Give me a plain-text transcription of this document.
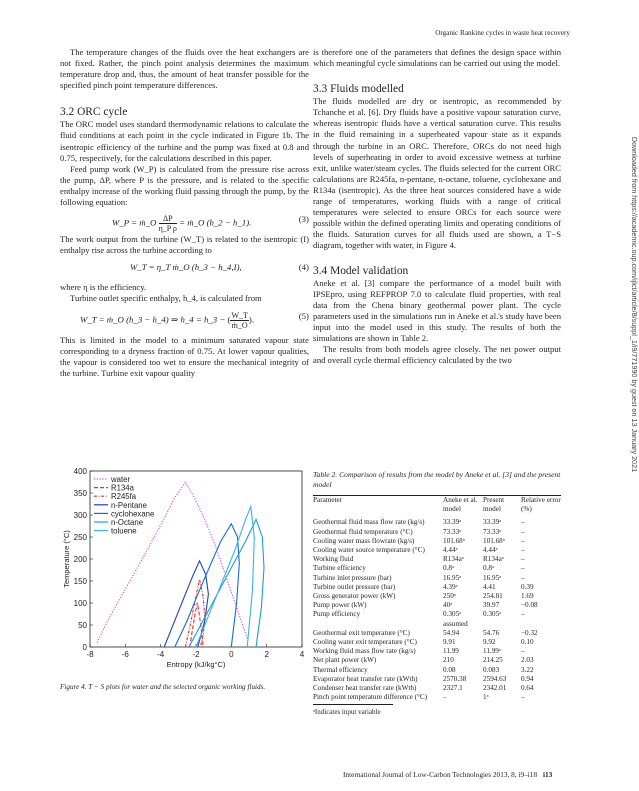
Organic Rankine cycles in waste heat recovery

The temperature changes of the fluids over the heat exchangers are not fixed. Rather, the pinch point analysis determines the maximum temperature drop and, thus, the amount of heat transfer possible for the specified pinch point temperature differences.

3.2 ORC cycle

The ORC model uses standard thermodynamic relations to calculate the fluid conditions at each point in the cycle indicated in Figure 1b. The isentropic efficiency of the turbine and the pump was fixed at 0.8 and 0.75, respectively, for the calculations described in this paper.

Feed pump work (W_P) is calculated from the pressure rise across the pump, ΔP, where P is the pressure, and is related to the specific enthalpy increase of the working fluid passing through the pump, by the following equation:

W_P = ṁ_O $\frac{\Delta P}{\text{η\_P ρ}}$ = ṁ_O (h_2 − h_1).	(3)

The work output from the turbine (W_T) is related to the isentropic (I) enthalpy rise across the turbine according to

W_T = η_T ṁ_O (h_3 − h_4,I),	(4)

where η is the efficiency.

Turbine outlet specific enthalpy, h_4, is calculated from

W_T = ṁ_O (h_3 − h_4) ⇒ h_4 = h_3 − ( $\frac{W\_T}{\text{ṁ\_O}}$ ).	(5)

This is limited in the model to a minimum saturated vapour state corresponding to a dryness fraction of 0.75. At lower vapour qualities, the vapour is considered too wet to ensure the mechanical integrity of the turbine. Turbine exit vapour quality

0
50
100
150
200
250
300
350
400
-8	-6	-4	-2	0	2	4
Entropy (kJ/kg°C)
Temperature (°C)
water
R134a
R245fa
n-Pentane
cyclohexane
n-Octane
toluene
Figure 4. T − S plots for water and the selected organic working fluids.

is therefore one of the parameters that defines the design space within which meaningful cycle simulations can be carried out using the model.

3.3 Fluids modelled

The fluids modelled are dry or isentropic, as recommended by Tchanche et al. [6]. Dry fluids have a positive vapour saturation curve, whereas isentropic fluids have a vertical saturation curve. This results in the fluid remaining in a superheated vapour state as it expands through the turbine in an ORC. Therefore, ORCs do not need high levels of superheating in order to avoid excessive wetness at turbine exit, unlike water/steam cycles. The fluids selected for the current ORC calculations are R245fa, n-pentane, n-octane, toluene, cyclohexane and R134a (isentropic). As the three heat sources considered have a wide range of temperatures, working fluids with a range of critical temperatures were selected to ensure ORCs for each source were possible within the defined operating limits and operating conditions of the fluids. Saturation curves for all fluids used are shown, a T−S diagram, together with water, in Figure 4.

3.4 Model validation

Aneke et al. [3] compare the performance of a model built with IPSEpro, using REFPROP 7.0 to calculate fluid properties, with real data from the Chena binary geothermal power plant. The cycle parameters used in the simulations run in Aneke et al.'s study have been input into the model used in this study. The results of both the simulations are shown in Table 2.

The results from both models agree closely. The net power output and overall cycle thermal efficiency calculated by the two

Table 2. Comparison of results from the model by Aneke et al. [3] and the present model
Parameter	Aneke et al. model	Present model	Relative error (%)
Geothermal fluid mass flow rate (kg/s)	33.39ᵃ	33.39ᵃ	–
Geothermal fluid temperature (°C)	73.33ᵃ	73.33ᵃ	–
Cooling water mass flowrate (kg/s)	101.68ᵃ	101.68ᵃ	–
Cooling water source temperature (°C)	4.44ᵃ	4.44ᵃ	–
Working fluid	R134aᵃ	R134aᵃ	–
Turbine efficiency	0.8ᵃ	0.8ᵃ	–
Turbine inlet pressure (bar)	16.95ᵃ	16.95ᵃ	–
Turbine outlet pressure (bar)	4.39ᵃ	4.41	0.39
Gross generator power (kW)	250ᵃ	254.81	1.69
Pump power (kW)	40ᵃ	39.97	−0.08
Pump efficiency	0.305ᵃ assumed	0.305ᵃ	–
Geothermal exit temperature (°C)	54.94	54.76	−0.32
Cooling water exit temperature (°C)	9.91	9.92	0.10
Working fluid mass flow rate (kg/s)	11.99	11.99ᵃ	–
Net plant power (kW)	210	214.25	2.03
Thermal efficiency	0.08	0.083	3.22
Evaporator heat transfer rate (kWth)	2570.38	2594.63	0.94
Condenser heat transfer rate (kWth)	2327.1	2342.01	0.64
Pinch point temperature difference (°C)	–	1ᵃ	–
ᵃIndicates input variable
Downloaded from https://academic.oup.com/ijlct/article/8/suppl_1/i9/771990 by guest on 13 January 2021
International Journal of Low-Carbon Technologies 2013, 8, i9–i18 i13
